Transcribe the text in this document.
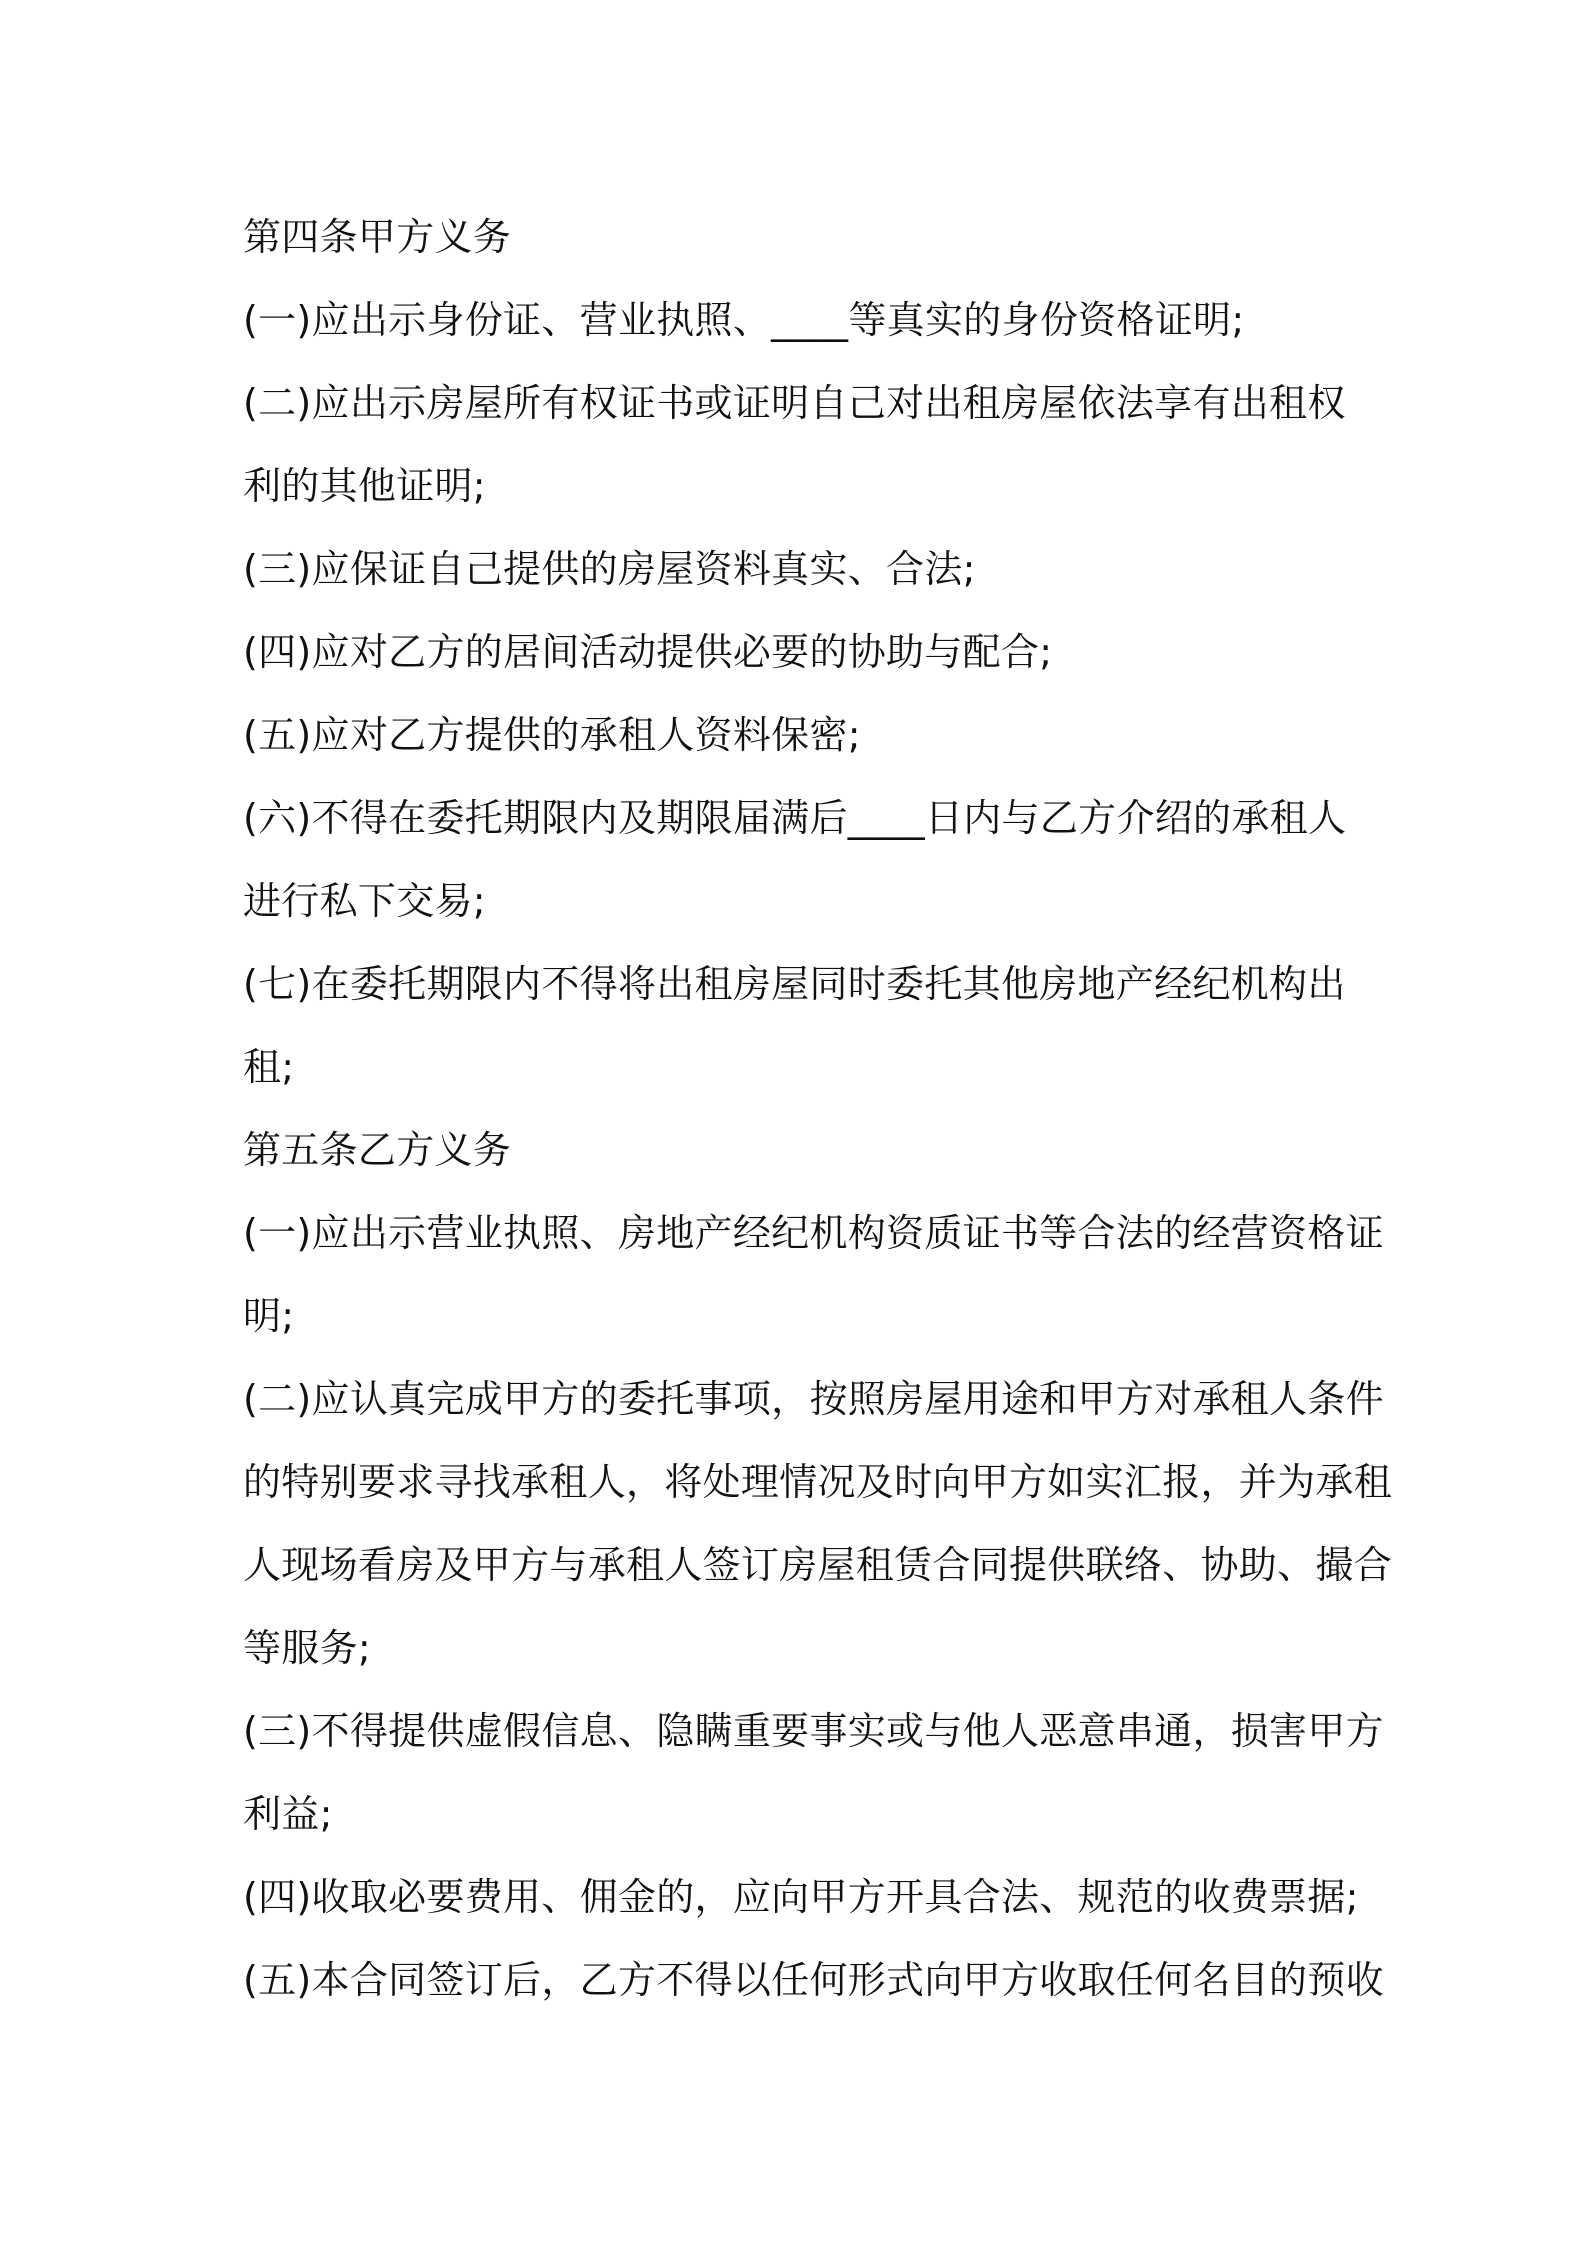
第四条甲方义务
(一)应出示身份证、营业执照、____等真实的身份资格证明;
(二)应出示房屋所有权证书或证明自己对出租房屋依法享有出租权
利的其他证明;
(三)应保证自己提供的房屋资料真实、合法;
(四)应对乙方的居间活动提供必要的协助与配合;
(五)应对乙方提供的承租人资料保密;
(六)不得在委托期限内及期限届满后____日内与乙方介绍的承租人
进行私下交易;
(七)在委托期限内不得将出租房屋同时委托其他房地产经纪机构出
租;
第五条乙方义务
(一)应出示营业执照、房地产经纪机构资质证书等合法的经营资格证
明;
(二)应认真完成甲方的委托事项，按照房屋用途和甲方对承租人条件
的特别要求寻找承租人，将处理情况及时向甲方如实汇报，并为承租
人现场看房及甲方与承租人签订房屋租赁合同提供联络、协助、撮合
等服务;
(三)不得提供虚假信息、隐瞒重要事实或与他人恶意串通，损害甲方
利益;
(四)收取必要费用、佣金的，应向甲方开具合法、规范的收费票据;
(五)本合同签订后，乙方不得以任何形式向甲方收取任何名目的预收
